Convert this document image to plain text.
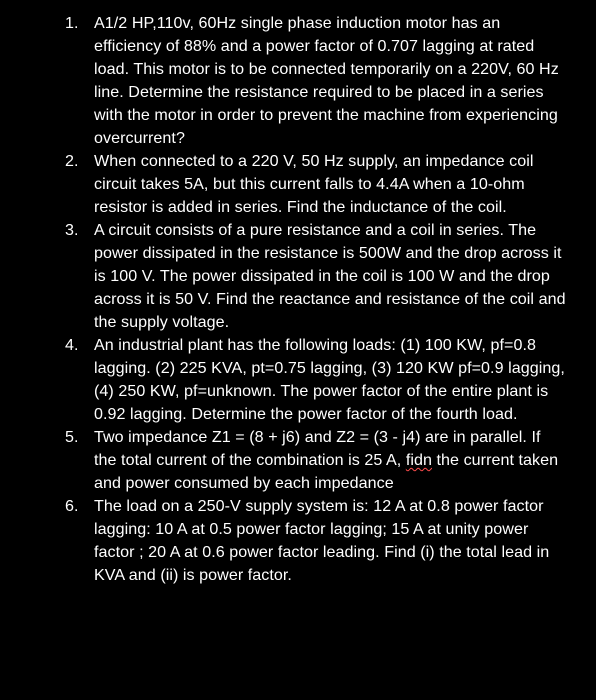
1. A1/2 HP,110v, 60Hz single phase induction motor has an efficiency of 88% and a power factor of 0.707 lagging at rated load. This motor is to be connected temporarily on a 220V, 60 Hz line. Determine the resistance required to be placed in a series with the motor in order to prevent the machine from experiencing overcurrent?
2. When connected to a 220 V, 50 Hz supply, an impedance coil circuit takes 5A, but this current falls to 4.4A when a 10-ohm resistor is added in series. Find the inductance of the coil.
3. A circuit consists of a pure resistance and a coil in series. The power dissipated in the resistance is 500W and the drop across it is 100 V. The power dissipated in the coil is 100 W and the drop across it is 50 V. Find the reactance and resistance of the coil and the supply voltage.
4. An industrial plant has the following loads: (1) 100 KW, pf=0.8 lagging. (2) 225 KVA, pt=0.75 lagging, (3) 120 KW pf=0.9 lagging, (4) 250 KW, pf=unknown. The power factor of the entire plant is 0.92 lagging. Determine the power factor of the fourth load.
5. Two impedance Z1 = (8 + j6) and Z2 = (3 - j4) are in parallel. If the total current of the combination is 25 A, fidn the current taken and power consumed by each impedance
6. The load on a 250-V supply system is: 12 A at 0.8 power factor lagging: 10 A at 0.5 power factor lagging; 15 A at unity power factor ; 20 A at 0.6 power factor leading. Find (i) the total lead in KVA and (ii) is power factor.
